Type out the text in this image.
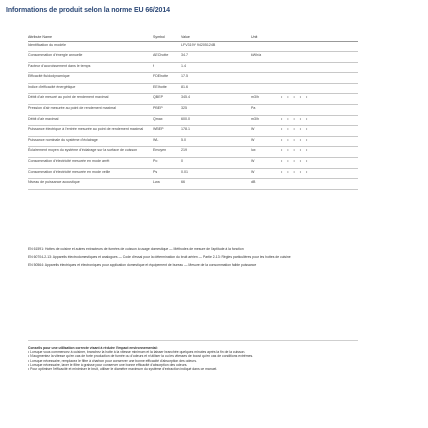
Informations de produit selon la norme EU 66/2014
Attribute Name	Symbol	Value	Unit	
Identification du modèle		LFV319Y 94205124B		
Consommation d'énergie annuelle	AEChotte	34.7	kWh/a	
Facteur d'accroissement dans le temps	f	1.4		
Efficacité fluidodynamique	FDEhotte	17.5		
Indice d'efficacité énergétique	EEIhotte	81.6		
Débit d'air mesuré au point de rendement maximal	QBEP	345.4	m3/h	• • • • •
Pression d'air mesurée au point de rendement maximal	PBEP	325	Pa	
Débit d'air maximal	Qmax	600.0	m3/h	• • • • •
Puissance électrique à l'entrée mesurée au point de rendement maximal	WBEP	178.1	W	• • • • •
Puissance nominale du système d'éclairage	WL	5.0	W	• • • • •
Éclairement moyen du système d'éclairage sur la surface de cuisson	Emoyen	219	lux	• • • • •
Consommation d'électricité mesurée en mode arrêt	Po	0	W	• • • • •
Consommation d'électricité mesurée en mode veille	Ps	0.01	W	• • • • •
Niveau de puissance acoustique	Lwa	66	dB	

EN 61591: Hottes de cuisine et autres extracteurs de fumées de cuisson à usage domestique — Méthodes de mesure de l'aptitude à la fonction

EN 60704-2-13: Appareils électrodomestiques et analogues — Code d'essai pour la détermination du bruit aérien — Partie 2-13: Règles particulières pour les hottes de cuisine

EN 50564: Appareils électriques et électroniques pour application domestique et équipement de bureau — Mesure de la consommation faible puissance

Conseils pour une utilisation correcte visant à réduire l'impact environnemental:

• Lorsque vous commencez à cuisiner, branchez la hotte à la vitesse minimum et la laisser branchée quelques minutes après la fin de la cuisson.

• N'augmentez la vitesse qu'en cas de forte production de fumée ou d'odeurs et n'utiliser la ou les vitesses de boost qu'en cas de conditions extrêmes.

• Lorsque nécessaire, remplacez le filtre à charbon pour conserver une bonne efficacité d'absorption des odeurs.

• Lorsque nécessaire, laver le filtre à graisse pour conserver une bonne efficacité d'absorption des odeurs.

• Pour optimiser l'efficacité et minimiser le bruit, utiliser le diamètre maximum du système d'extraction indiqué dans ce manuel.
